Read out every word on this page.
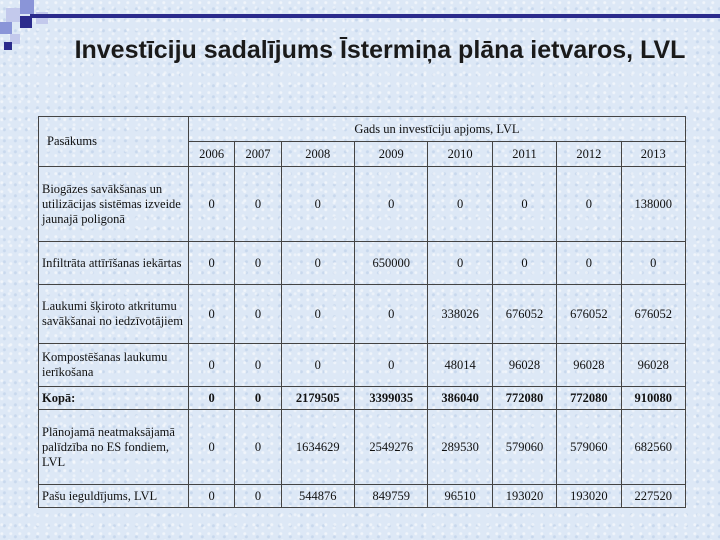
Investīciju sadalījums Īstermiņa plāna ietvaros, LVL
Pasākums	Gads un investīciju apjoms, LVL							
	2006	2007	2008	2009	2010	2011	2012	2013
Biogāzes savākšanas un utilizācijas sistēmas izveide jaunajā poligonā	0	0	0	0	0	0	0	138000
Infiltrāta attīrīšanas iekārtas	0	0	0	650000	0	0	0	0
Laukumi šķiroto atkritumu savākšanai no iedzīvotājiem	0	0	0	0	338026	676052	676052	676052
Kompostēšanas laukumu ierīkošana	0	0	0	0	48014	96028	96028	96028
Kopā:	0	0	2179505	3399035	386040	772080	772080	910080
Plānojamā neatmaksājamā palīdzība no ES fondiem, LVL	0	0	1634629	2549276	289530	579060	579060	682560
Pašu ieguldījums, LVL	0	0	544876	849759	96510	193020	193020	227520
